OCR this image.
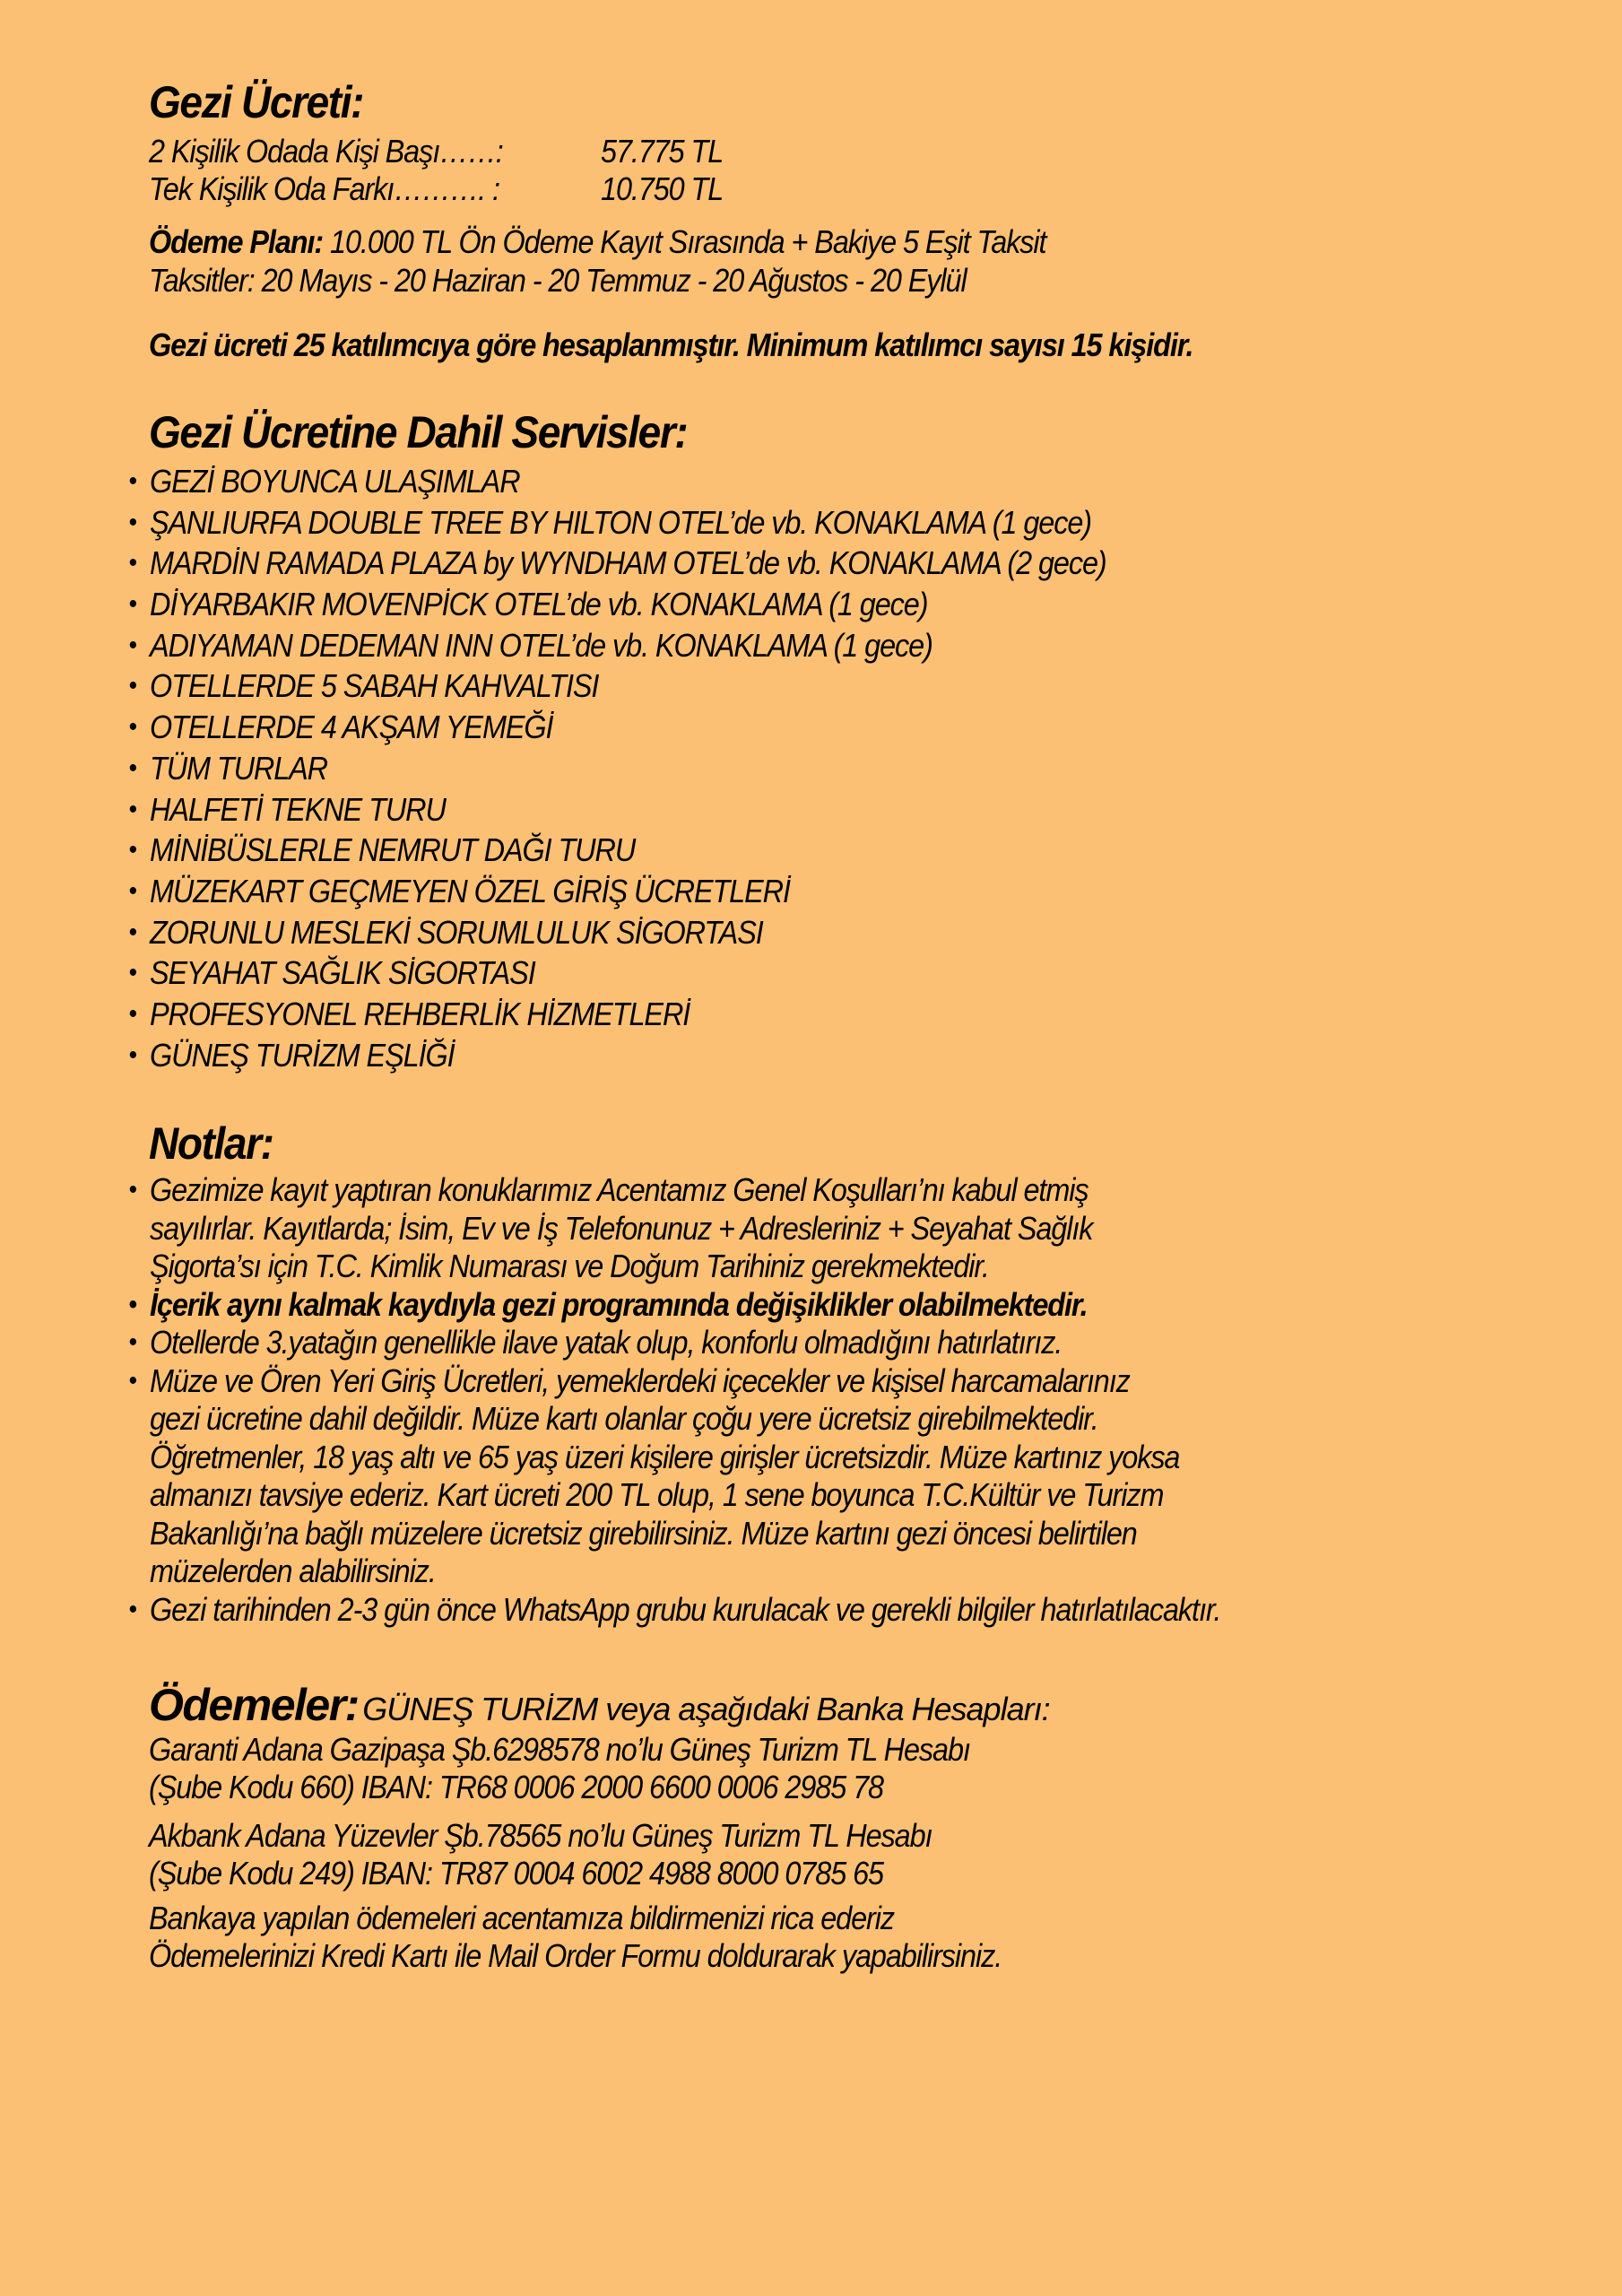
Gezi Ücreti:
2 Kişilik Odada Kişi Başı……:	57.775 TL
Tek Kişilik Oda Farkı………. :	10.750 TL
Ödeme Planı: 10.000 TL Ön Ödeme Kayıt Sırasında + Bakiye 5 Eşit Taksit
Taksitler: 20 Mayıs - 20 Haziran - 20 Temmuz - 20 Ağustos - 20 Eylül
Gezi ücreti 25 katılımcıya göre hesaplanmıştır. Minimum katılımcı sayısı 15 kişidir.
Gezi Ücretine Dahil Servisler:
• GEZİ BOYUNCA ULAŞIMLAR
• ŞANLIURFA DOUBLE TREE BY HILTON OTEL’de vb. KONAKLAMA (1 gece)
• MARDİN RAMADA PLAZA by WYNDHAM OTEL’de vb. KONAKLAMA (2 gece)
• DİYARBAKIR MOVENPİCK OTEL’de vb. KONAKLAMA (1 gece)
• ADIYAMAN DEDEMAN INN OTEL’de vb. KONAKLAMA (1 gece)
• OTELLERDE 5 SABAH KAHVALTISI
• OTELLERDE 4 AKŞAM YEMEĞİ
• TÜM TURLAR
• HALFETİ TEKNE TURU
• MİNİBÜSLERLE NEMRUT DAĞI TURU
• MÜZEKART GEÇMEYEN ÖZEL GİRİŞ ÜCRETLERİ
• ZORUNLU MESLEKİ SORUMLULUK SİGORTASI
• SEYAHAT SAĞLIK SİGORTASI
• PROFESYONEL REHBERLİK HİZMETLERİ
• GÜNEŞ TURİZM EŞLİĞİ
Notlar:
• Gezimize kayıt yaptıran konuklarımız Acentamız Genel Koşulları’nı kabul etmiş
sayılırlar. Kayıtlarda; İsim, Ev ve İş Telefonunuz + Adresleriniz + Seyahat Sağlık
Şigorta’sı için T.C. Kimlik Numarası ve Doğum Tarihiniz gerekmektedir.
• İçerik aynı kalmak kaydıyla gezi programında değişiklikler olabilmektedir.
• Otellerde 3.yatağın genellikle ilave yatak olup, konforlu olmadığını hatırlatırız.
• Müze ve Ören Yeri Giriş Ücretleri, yemeklerdeki içecekler ve kişisel harcamalarınız
gezi ücretine dahil değildir. Müze kartı olanlar çoğu yere ücretsiz girebilmektedir.
Öğretmenler, 18 yaş altı ve 65 yaş üzeri kişilere girişler ücretsizdir. Müze kartınız yoksa
almanızı tavsiye ederiz. Kart ücreti 200 TL olup, 1 sene boyunca T.C.Kültür ve Turizm
Bakanlığı’na bağlı müzelere ücretsiz girebilirsiniz. Müze kartını gezi öncesi belirtilen
müzelerden alabilirsiniz.
• Gezi tarihinden 2-3 gün önce WhatsApp grubu kurulacak ve gerekli bilgiler hatırlatılacaktır.
Ödemeler: GÜNEŞ TURİZM veya aşağıdaki Banka Hesapları:
Garanti Adana Gazipaşa Şb.6298578 no’lu Güneş Turizm TL Hesabı
(Şube Kodu 660) IBAN: TR68 0006 2000 6600 0006 2985 78
Akbank Adana Yüzevler Şb.78565 no’lu Güneş Turizm TL Hesabı
(Şube Kodu 249) IBAN: TR87 0004 6002 4988 8000 0785 65
Bankaya yapılan ödemeleri acentamıza bildirmenizi rica ederiz
Ödemelerinizi Kredi Kartı ile Mail Order Formu doldurarak yapabilirsiniz.
